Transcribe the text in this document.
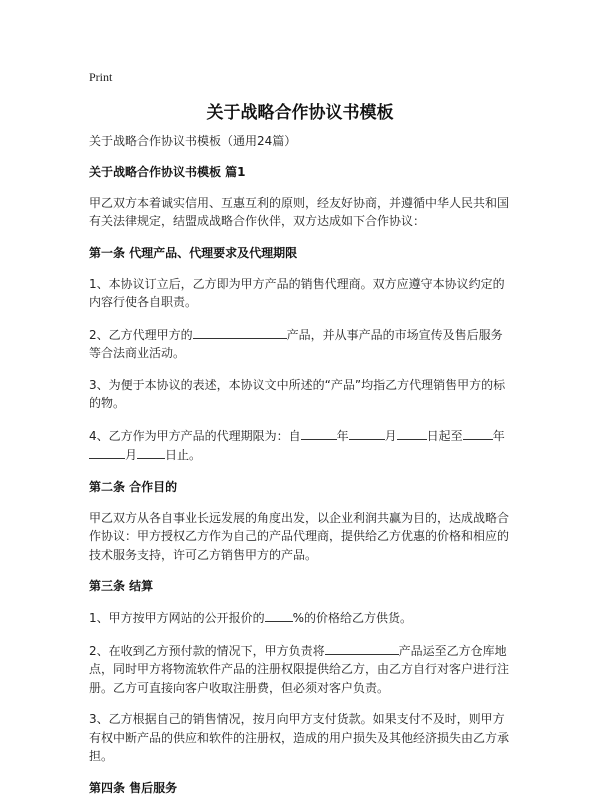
Print
关于战略合作协议书模板
关于战略合作协议书模板（通用24篇）
关于战略合作协议书模板 篇1
甲乙双方本着诚实信用、互惠互利的原则，经友好协商，并遵循中华人民共和国有关法律规定，结盟成战略合作伙伴，双方达成如下合作协议：
第一条 代理产品、代理要求及代理期限
1、本协议订立后，乙方即为甲方产品的销售代理商。双方应遵守本协议约定的内容行使各自职责。
2、乙方代理甲方的	产品，并从事产品的市场宣传及售后服务等合法商业活动。
3、为便于本协议的表述，本协议文中所述的“产品”均指乙方代理销售甲方的标的物。
4、乙方作为甲方产品的代理期限为：自	年	月	日起至	年月 日止。
第二条 合作目的
甲乙双方从各自事业长远发展的角度出发，以企业利润共赢为目的，达成战略合作协议：甲方授权乙方作为自己的产品代理商，提供给乙方优惠的价格和相应的技术服务支持，许可乙方销售甲方的产品。
第三条 结算
1、甲方按甲方网站的公开报价的 %的价格给乙方供货。
2、在收到乙方预付款的情况下，甲方负责将	产品运至乙方仓库地点，同时甲方将物流软件产品的注册权限提供给乙方，由乙方自行对客户进行注册。乙方可直接向客户收取注册费，但必须对客户负责。
3、乙方根据自己的销售情况，按月向甲方支付货款。如果支付不及时，则甲方有权中断产品的供应和软件的注册权，造成的用户损失及其他经济损失由乙方承担。
第四条 售后服务
